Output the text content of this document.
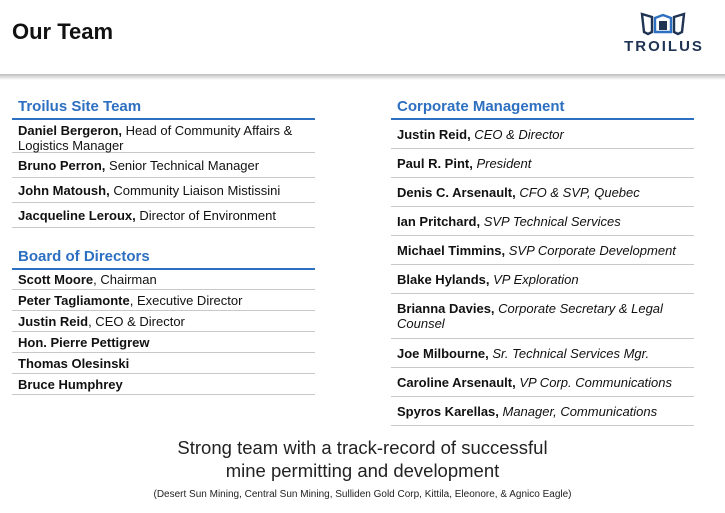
Our Team
TROILUS
Troilus Site Team
Daniel Bergeron, Head of Community Affairs & Logistics Manager
Bruno Perron, Senior Technical Manager
John Matoush, Community Liaison Mistissini
Jacqueline Leroux, Director of Environment
Board of Directors
Scott Moore, Chairman
Peter Tagliamonte, Executive Director
Justin Reid, CEO & Director
Hon. Pierre Pettigrew
Thomas Olesinski
Bruce Humphrey
Corporate Management
Justin Reid, CEO & Director
Paul R. Pint, President
Denis C. Arsenault, CFO & SVP, Quebec
Ian Pritchard, SVP Technical Services
Michael Timmins, SVP Corporate Development
Blake Hylands, VP Exploration
Brianna Davies, Corporate Secretary & Legal Counsel
Joe Milbourne, Sr. Technical Services Mgr.
Caroline Arsenault, VP Corp. Communications
Spyros Karellas, Manager, Communications
Strong team with a track-record of successful
mine permitting and development
(Desert Sun Mining, Central Sun Mining, Sulliden Gold Corp, Kittila, Eleonore, & Agnico Eagle)
